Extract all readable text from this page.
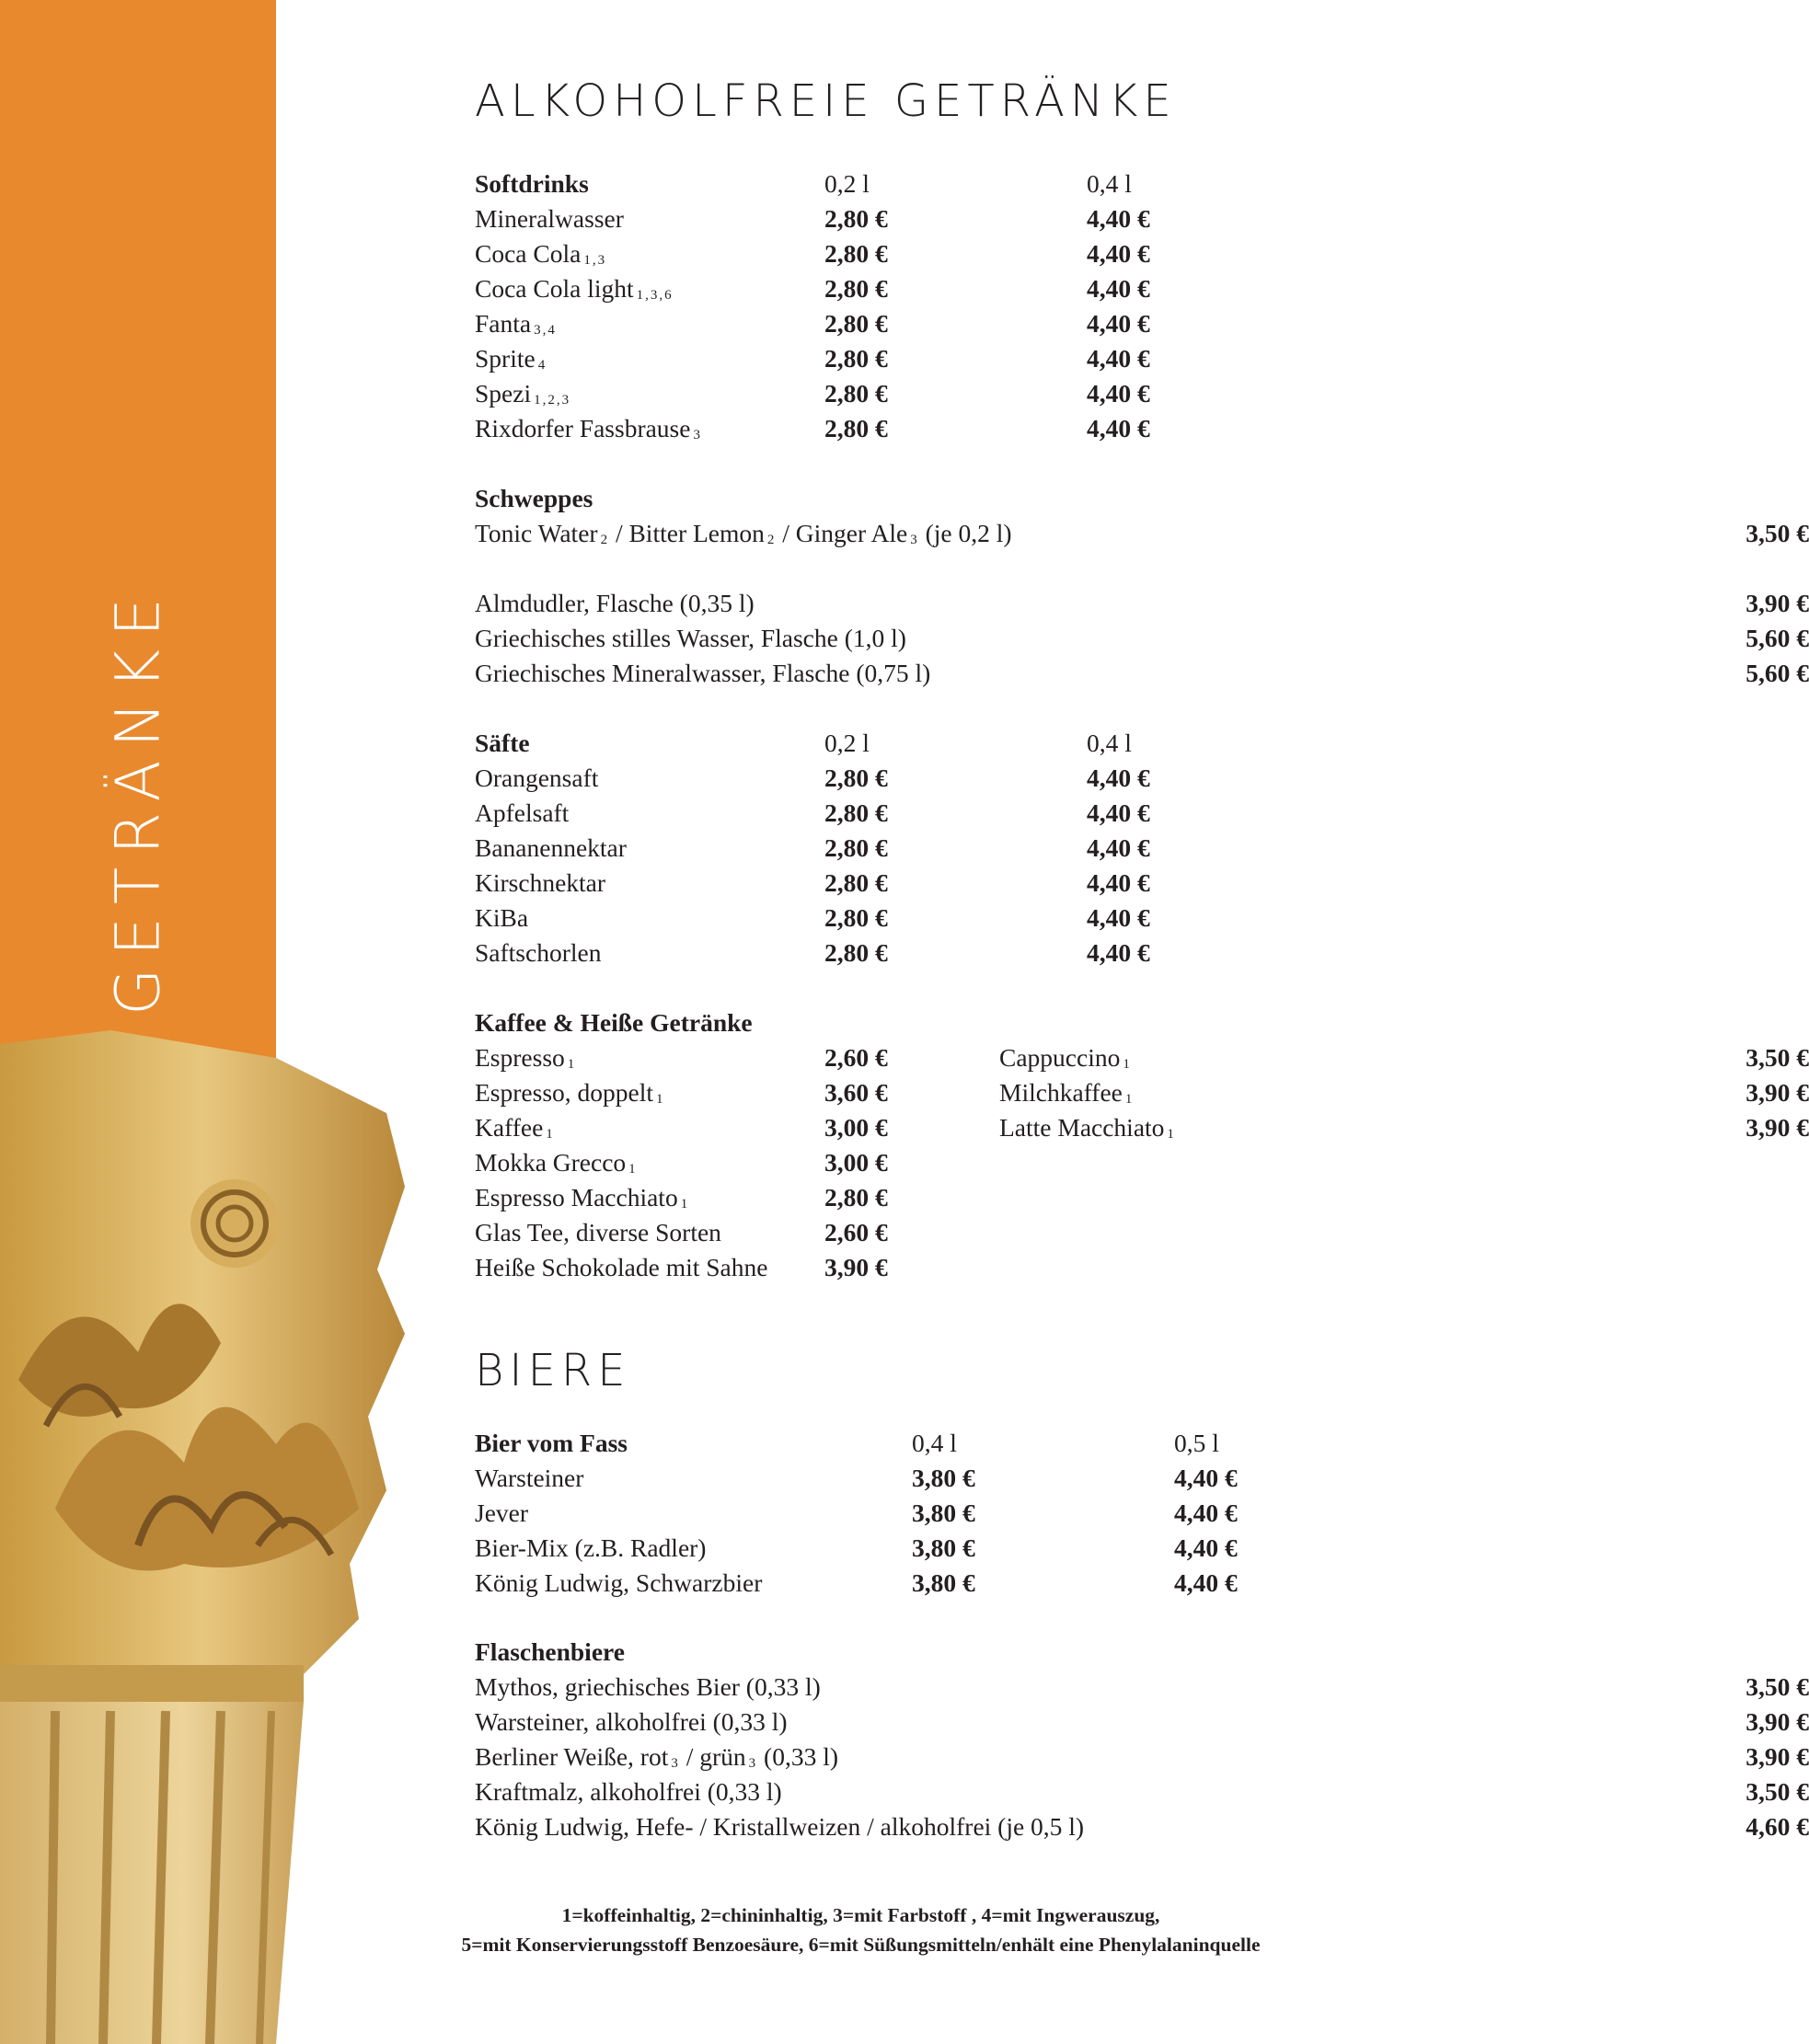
GETRÄNKE
ALKOHOLFREIE GETRÄNKE
Softdrinks	0,2 l	0,4 l
Mineralwasser	2,80 €	4,40 €
Coca Cola $_{1,3}$	2,80 €	4,40 €
Coca Cola light $_{1,3,6}$	2,80 €	4,40 €
Fanta $_{3,4}$	2,80 €	4,40 €
Sprite $_4$	2,80 €	4,40 €
Spezi $_{1,2,3}$	2,80 €	4,40 €
Rixdorfer Fassbrause $_3$	2,80 €	4,40 €
Schweppes
Tonic Water $_2$ / Bitter Lemon $_2$ / Ginger Ale $_3$ (je 0,2 l)	3,50 €
Almdudler, Flasche (0,35 l)	3,90 €
Griechisches stilles Wasser, Flasche (1,0 l)	5,60 €
Griechisches Mineralwasser, Flasche (0,75 l)	5,60 €
Säfte	0,2 l	0,4 l
Orangensaft	2,80 €	4,40 €
Apfelsaft	2,80 €	4,40 €
Bananennektar	2,80 €	4,40 €
Kirschnektar	2,80 €	4,40 €
KiBa	2,80 €	4,40 €
Saftschorlen	2,80 €	4,40 €
Kaffee & Heiße Getränke
Espresso $_1$	2,60 €	Cappuccino $_1$	3,50 €
Espresso, doppelt $_1$	3,60 €	Milchkaffee $_1$	3,90 €
Kaffee $_1$	3,00 €	Latte Macchiato $_1$	3,90 €
Mokka Grecco $_1$	3,00 €
Espresso Macchiato $_1$	2,80 €
Glas Tee, diverse Sorten	2,60 €
Heiße Schokolade mit Sahne 3,90 €
BIERE
Bier vom Fass	0,4 l	0,5 l
Warsteiner	3,80 €	4,40 €
Jever	3,80 €	4,40 €
Bier-Mix (z.B. Radler)	3,80 €	4,40 €
König Ludwig, Schwarzbier	3,80 €	4,40 €
Flaschenbiere
Mythos, griechisches Bier (0,33 l)	3,50 €
Warsteiner, alkoholfrei (0,33 l)	3,90 €
Berliner Weiße, rot $_3$ / grün $_3$ (0,33 l)	3,90 €
Kraftmalz, alkoholfrei (0,33 l)	3,50 €
König Ludwig, Hefe- / Kristallweizen / alkoholfrei (je 0,5 l)	4,60 €
1=koffeinhaltig, 2=chininhaltig, 3=mit Farbstoff , 4=mit Ingwerauszug,
5=mit Konservierungsstoff Benzoesäure, 6=mit Süßungsmitteln/enhält eine Phenylalaninquelle
